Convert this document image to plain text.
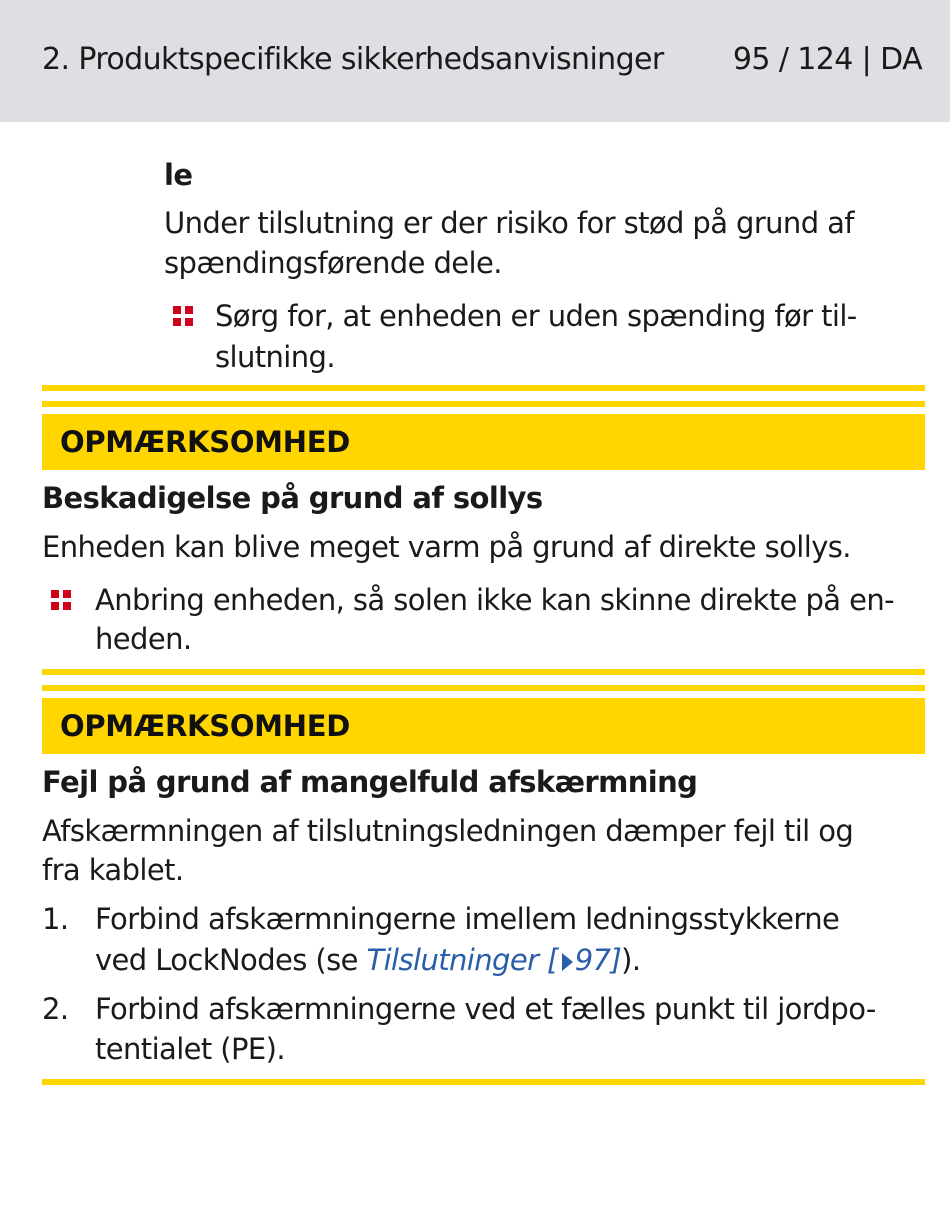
2. Produktspecifikke sikkerhedsanvisninger 95 / 124 | DA
le
Under tilslutning er der risiko for stød på grund af
spændingsførende dele.
Sørg for, at enheden er uden spænding før til-
slutning.
OPMÆRKSOMHED
Beskadigelse på grund af sollys
Enheden kan blive meget varm på grund af direkte sollys.
Anbring enheden, så solen ikke kan skinne direkte på en-
heden.
OPMÆRKSOMHED
Fejl på grund af mangelfuld afskærmning
Afskærmningen af tilslutningsledningen dæmper fejl til og
fra kablet.
1. Forbind afskærmningerne imellem ledningsstykkerne
ved LockNodes (se Tilslutninger [ 97]).
2. Forbind afskærmningerne ved et fælles punkt til jordpo-
tentialet (PE).
